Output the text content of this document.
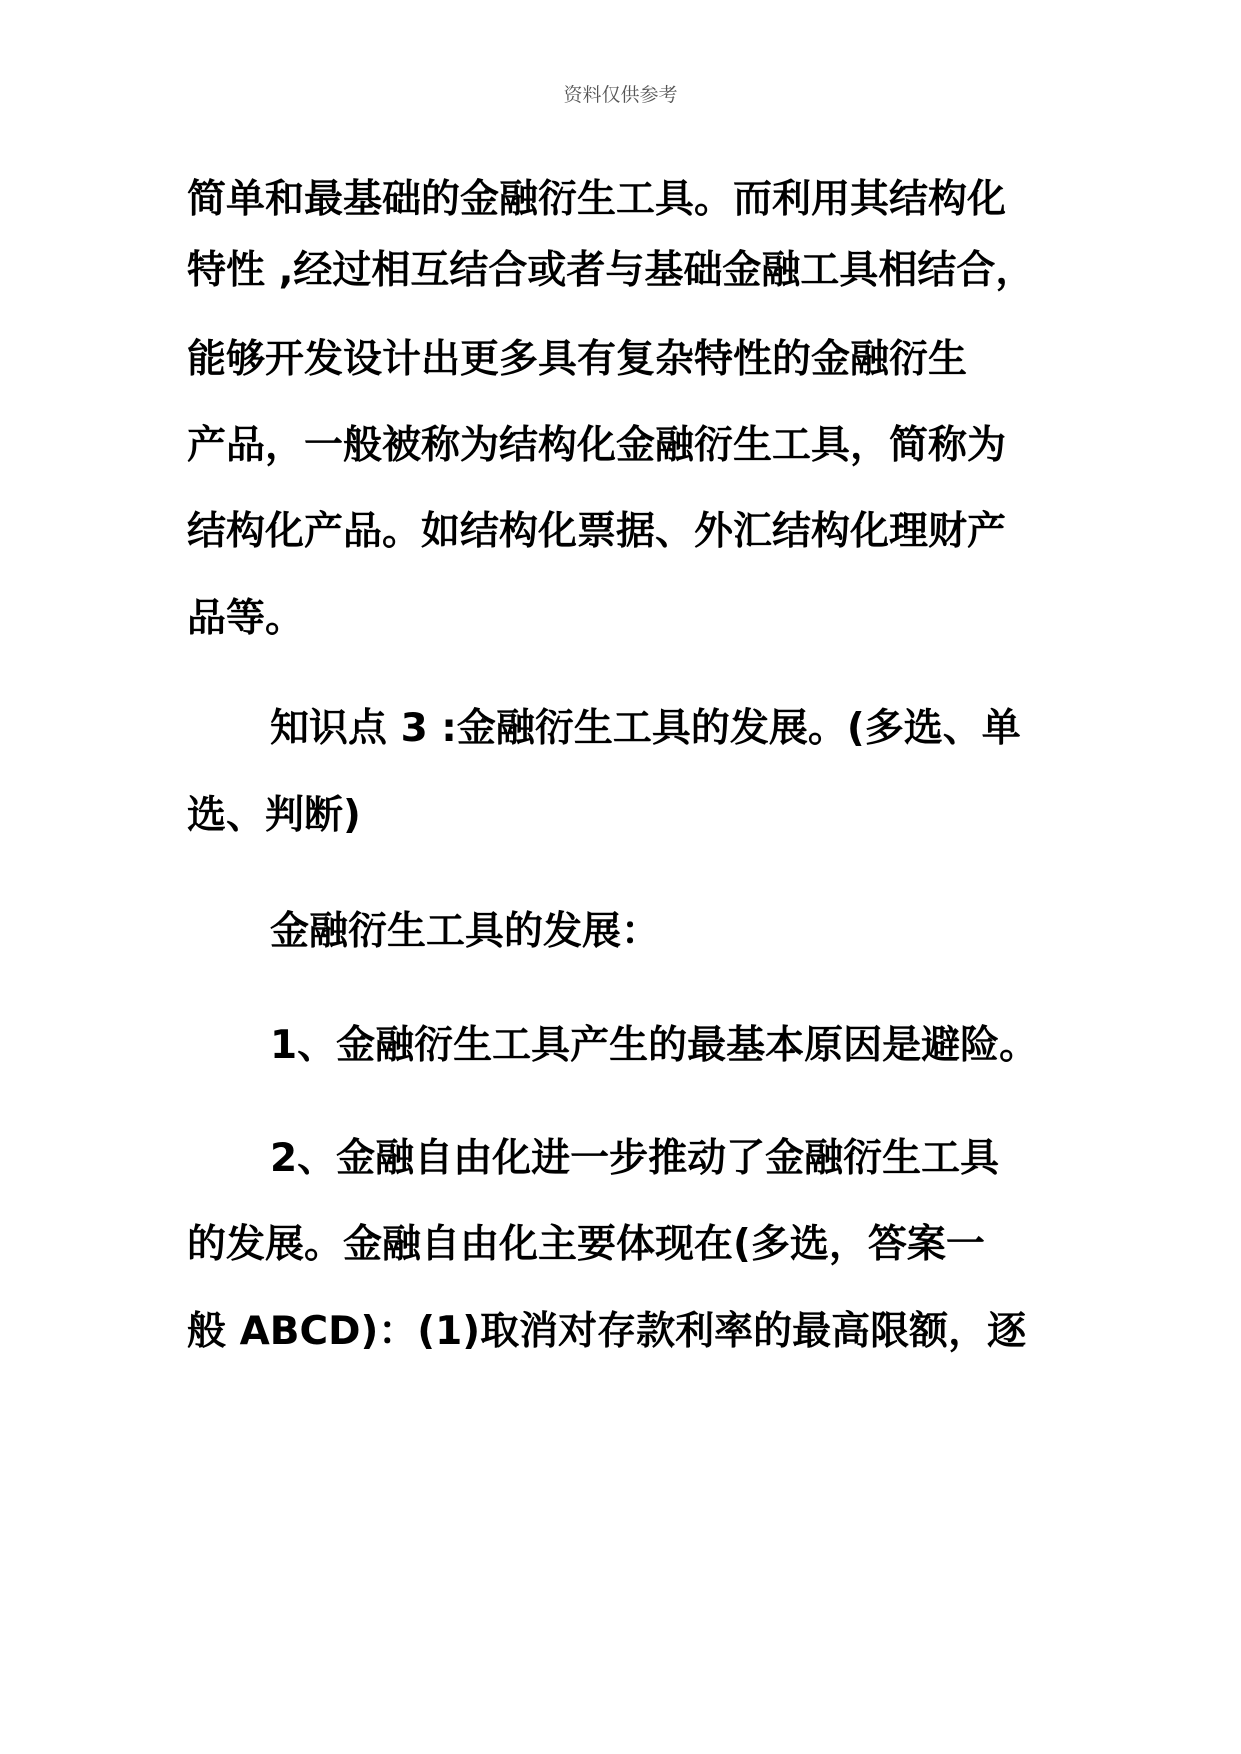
资料仅供参考
简单和最基础的金融衍生工具。而利用其结构化
特性 ,经过相互结合或者与基础金融工具相结合，
能够开发设计出更多具有复杂特性的金融衍生
产品，一般被称为结构化金融衍生工具，简称为
结构化产品。如结构化票据、外汇结构化理财产
品等。
知识点 3 :金融衍生工具的发展。(多选、单
选、判断)
金融衍生工具的发展：
1、金融衍生工具产生的最基本原因是避险。
2、金融自由化进一步推动了金融衍生工具
的发展。金融自由化主要体现在(多选，答案一
般 ABCD)：(1)取消对存款利率的最高限额，逐
